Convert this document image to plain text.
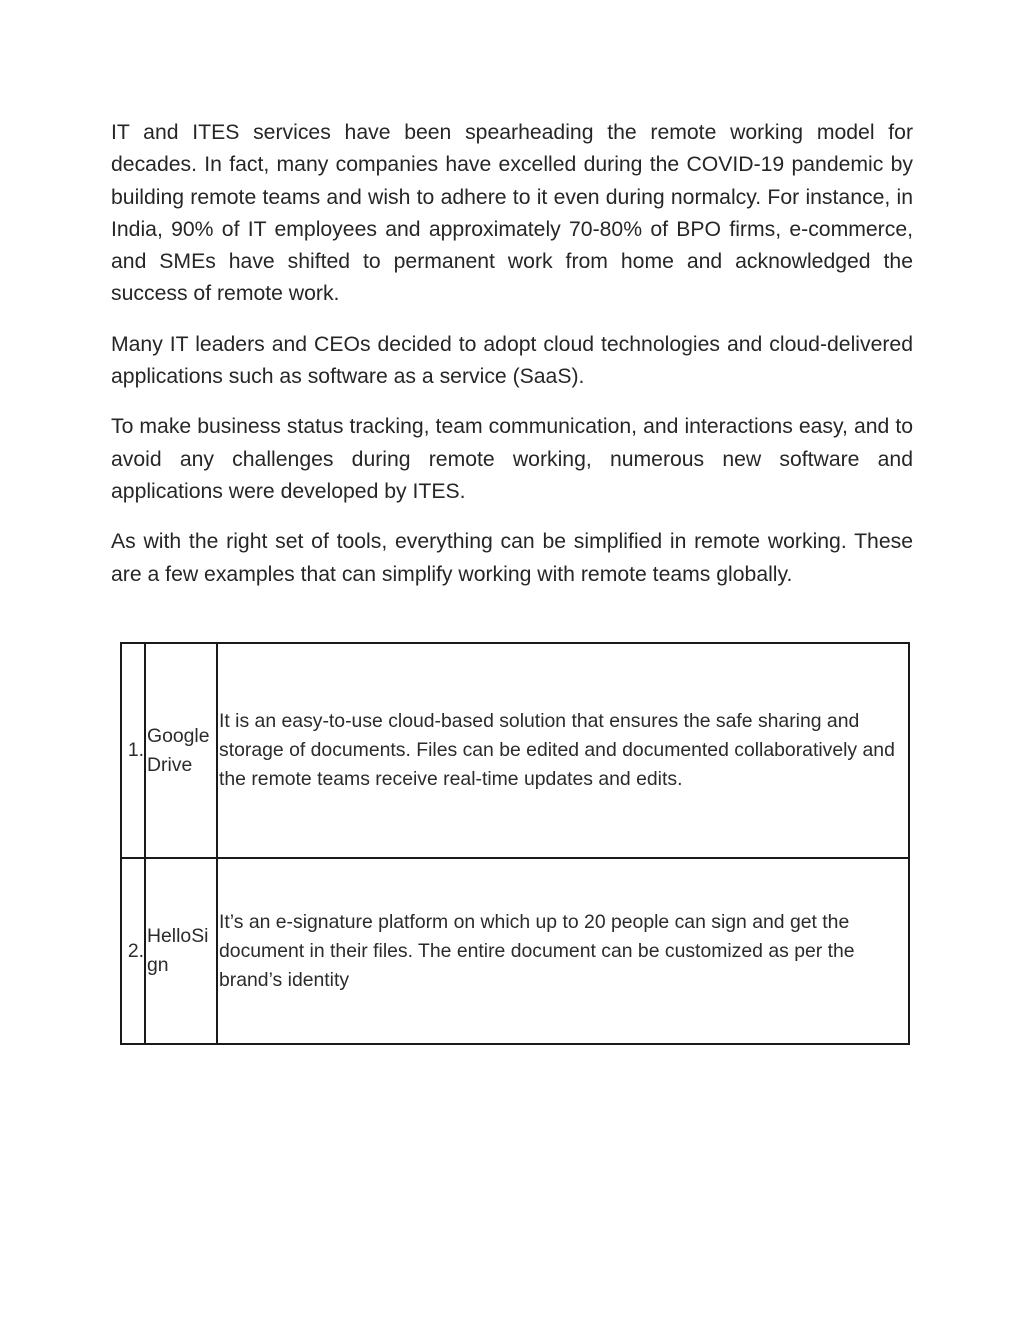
IT and ITES services have been spearheading the remote working model for decades. In fact, many companies have excelled during the COVID-19 pandemic by building remote teams and wish to adhere to it even during normalcy. For instance, in India, 90% of IT employees and approximately 70-80% of BPO firms, e-commerce, and SMEs have shifted to permanent work from home and acknowledged the success of remote work.

Many IT leaders and CEOs decided to adopt cloud technologies and cloud-delivered applications such as software as a service (SaaS).

To make business status tracking, team communication, and interactions easy, and to avoid any challenges during remote working, numerous new software and applications were developed by ITES.

As with the right set of tools, everything can be simplified in remote working. These are a few examples that can simplify working with remote teams globally.

1.	Google Drive	It is an easy-to-use cloud-based solution that ensures the safe sharing and storage of documents. Files can be edited and documented collaboratively and the remote teams receive real-time updates and edits.

2.	HelloSign	It’s an e-signature platform on which up to 20 people can sign and get the document in their files. The entire document can be customized as per the brand’s identity
